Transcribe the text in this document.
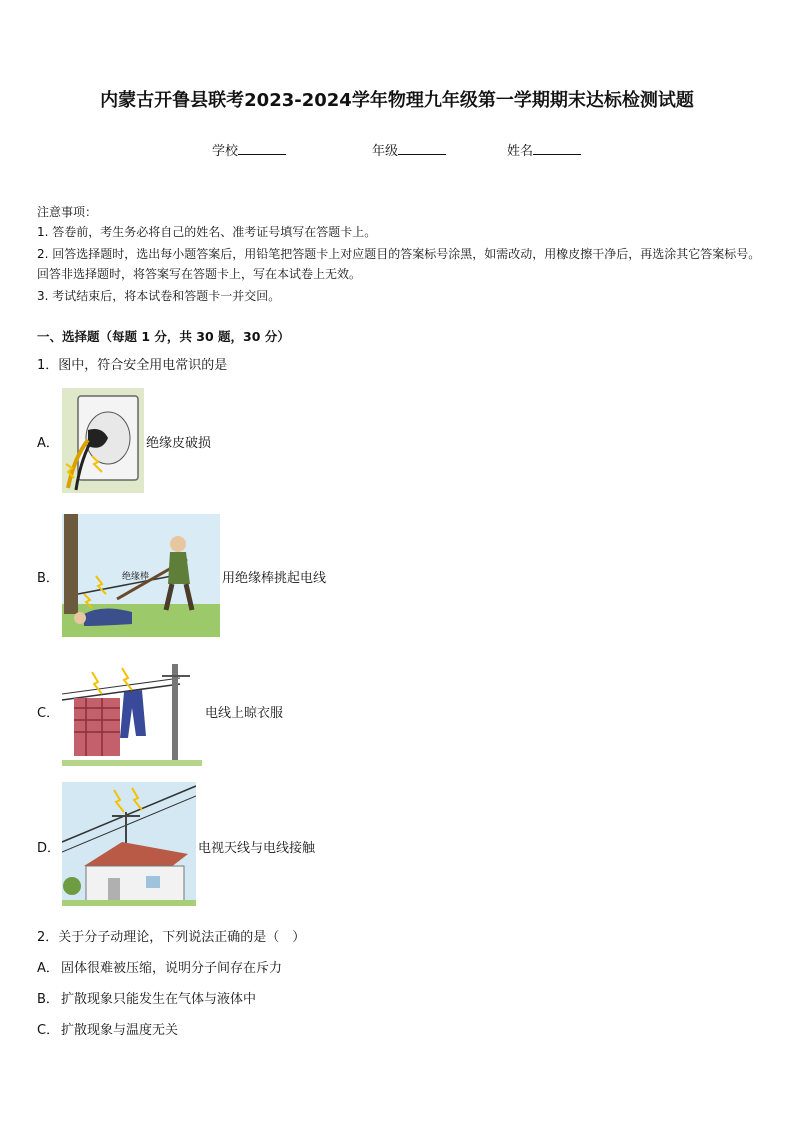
内蒙古开鲁县联考2023-2024学年物理九年级第一学期期末达标检测试题
学校	年级	姓名
注意事项：
1. 答卷前，考生务必将自己的姓名、准考证号填写在答题卡上。
2. 回答选择题时，选出每小题答案后，用铅笔把答题卡上对应题目的答案标号涂黑，如需改动，用橡皮擦干净后，再选涂其它答案标号。回答非选择题时，将答案写在答题卡上，写在本试卷上无效。
3. 考试结束后，将本试卷和答题卡一并交回。
一、选择题（每题 1 分，共 30 题，30 分）
1．图中，符合安全用电常识的是
A．	绝缘皮破损
B．	绝缘棒	用绝缘棒挑起电线
C．	电线上晾衣服
D．	电视天线与电线接触
2．关于分子动理论，下列说法正确的是（　）
A． 固体很难被压缩，说明分子间存在斥力
B． 扩散现象只能发生在气体与液体中
C． 扩散现象与温度无关
